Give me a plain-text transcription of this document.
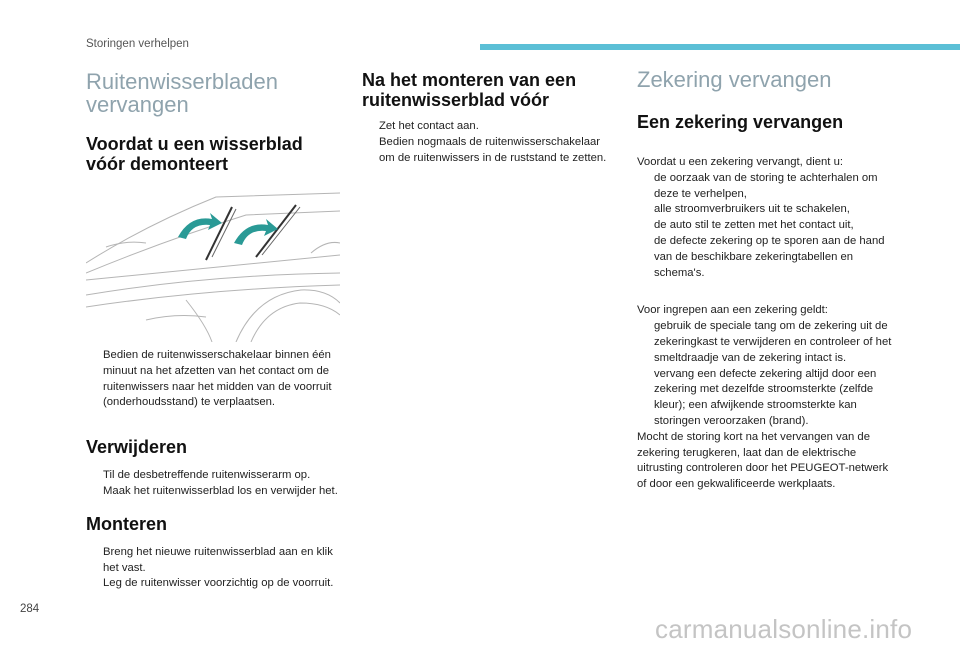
Storingen verhelpen
Ruitenwisserbladen vervangen
Voordat u een wisserblad vóór demonteert
Bedien de ruitenwisserschakelaar binnen één minuut na het afzetten van het contact om de ruitenwissers naar het midden van de voorruit (onderhoudsstand) te verplaatsen.
Verwijderen
Til de desbetreffende ruitenwisserarm op.
Maak het ruitenwisserblad los en verwijder het.
Monteren
Breng het nieuwe ruitenwisserblad aan en klik het vast.
Leg de ruitenwisser voorzichtig op de voorruit.
Na het monteren van een ruitenwisserblad vóór
Zet het contact aan.
Bedien nogmaals de ruitenwisserschakelaar om de ruitenwissers in de ruststand te zetten.
Zekering vervangen
Een zekering vervangen

Voordat u een zekering vervangt, dient u:

de oorzaak van de storing te achterhalen om deze te verhelpen,
alle stroomverbruikers uit te schakelen,
de auto stil te zetten met het contact uit,
de defecte zekering op te sporen aan de hand van de beschikbare zekeringtabellen en schema's.

Voor ingrepen aan een zekering geldt:

gebruik de speciale tang om de zekering uit de zekeringkast te verwijderen en controleer of het smeltdraadje van de zekering intact is.
vervang een defecte zekering altijd door een zekering met dezelfde stroomsterkte (zelfde kleur); een afwijkende stroomsterkte kan storingen veroorzaken (brand).

Mocht de storing kort na het vervangen van de zekering terugkeren, laat dan de elektrische uitrusting controleren door het PEUGEOT-netwerk of door een gekwalificeerde werkplaats.

284
carmanualsonline.info
